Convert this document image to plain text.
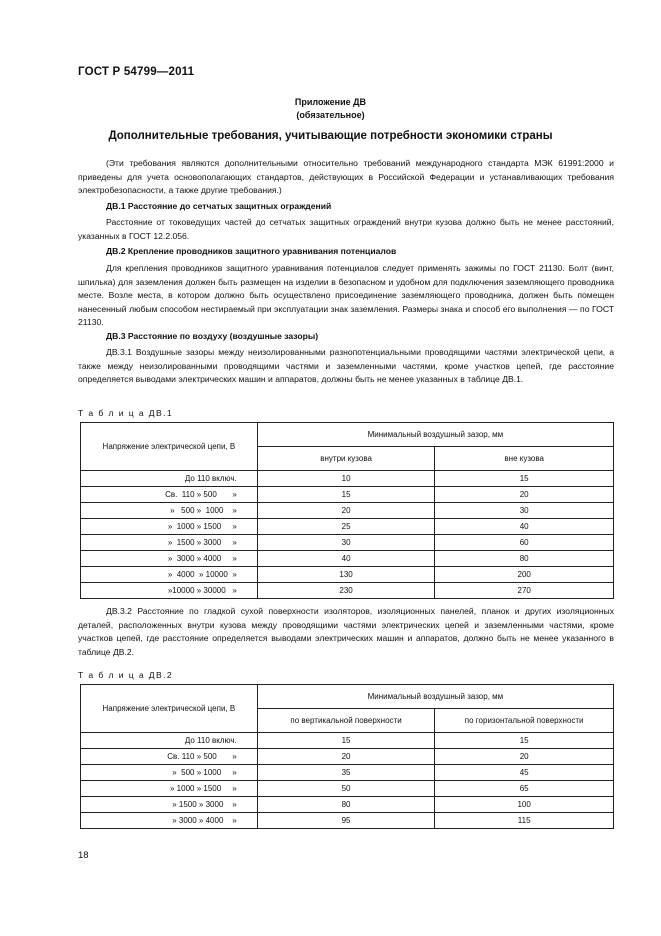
ГОСТ Р 54799—2011
Приложение ДВ
(обязательное)
Дополнительные требования, учитывающие потребности экономики страны
(Эти требования являются дополнительными относительно требований международного стандарта МЭК 61991:2000 и приведены для учета основополагающих стандартов, действующих в Российской Федерации и устанавливающих требования электробезопасности, а также другие требования.)
ДВ.1 Расстояние до сетчатых защитных ограждений
Расстояние от токоведущих частей до сетчатых защитных ограждений внутри кузова должно быть не менее расстояний, указанных в ГОСТ 12.2.056.
ДВ.2 Крепление проводников защитного уравнивания потенциалов
Для крепления проводников защитного уравнивания потенциалов следует применять зажимы по ГОСТ 21130. Болт (винт, шпилька) для заземления должен быть размещен на изделии в безопасном и удобном для подключения заземляющего проводника месте. Возле места, в котором должно быть осуществлено присоединение заземляющего проводника, должен быть помещен нанесенный любым способом нестираемый при эксплуатации знак заземления. Размеры знака и способ его выполнения — по ГОСТ 21130.
ДВ.3 Расстояние по воздуху (воздушные зазоры)
ДВ.3.1 Воздушные зазоры между неизолированными разнопотенциальными проводящими частями электрической цепи, а также между неизолированными проводящими частями и заземленными частями, кроме участков цепей, где расстояние определяется выводами электрических машин и аппаратов, должны быть не менее указанных в таблице ДВ.1.
Т а б л и ц а ДВ.1
Напряжение электрической цепи, В	Минимальный воздушный зазор, мм	
	внутри кузова	вне кузова
До 110 включ.	10	15
Св.  110 » 500       »	15	20
»   500 »  1000    »	20	30
»  1000 » 1500     »	25	40
»  1500 » 3000     »	30	60
»  3000 » 4000     »	40	80
»  4000  » 10000  »	130	200
»10000 » 30000   »	230	270
ДВ.3.2 Расстояние по гладкой сухой поверхности изоляторов, изоляционных панелей, планок и других изоляционных деталей, расположенных внутри кузова между проводящими частями электрических цепей и заземленными частями, кроме участков цепей, где расстояние определяется выводами электрических машин и аппаратов, должно быть не менее указанного в таблице ДВ.2.
Т а б л и ц а ДВ.2
Напряжение электрической цепи, В	Минимальный воздушный зазор, мм	
	по вертикальной поверхности	по горизонтальной поверхности
До 110 включ.	15	15
Св. 110 » 500       »	20	20
»  500 » 1000     »	35	45
» 1000 » 1500     »	50	65
» 1500 » 3000    »	80	100
» 3000 » 4000    »	95	115
18
